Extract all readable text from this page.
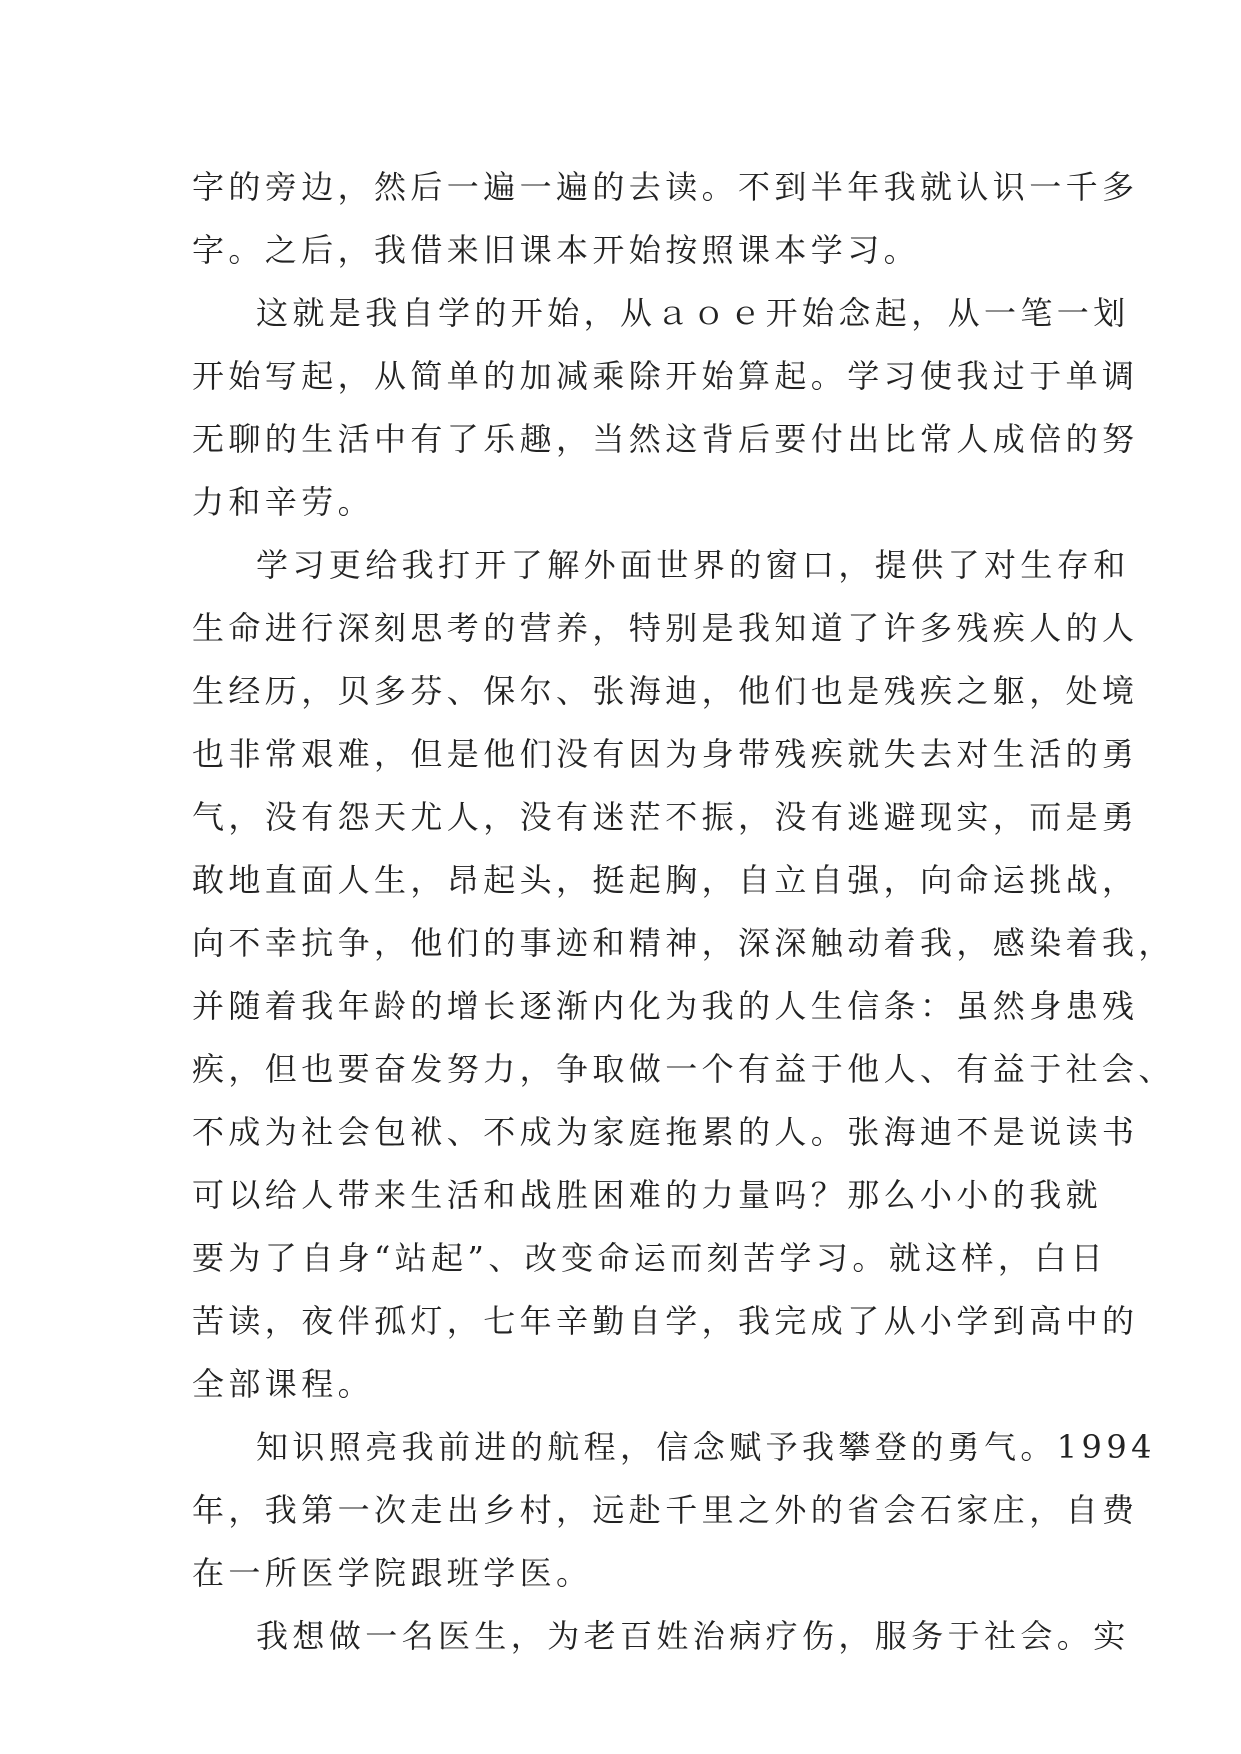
字的旁边，然后一遍一遍的去读。不到半年我就认识一千多
字。之后，我借来旧课本开始按照课本学习。
这就是我自学的开始，从ａｏｅ开始念起，从一笔一划
开始写起，从简单的加减乘除开始算起。学习使我过于单调
无聊的生活中有了乐趣，当然这背后要付出比常人成倍的努
力和辛劳。
学习更给我打开了解外面世界的窗口，提供了对生存和
生命进行深刻思考的营养，特别是我知道了许多残疾人的人
生经历，贝多芬、保尔、张海迪，他们也是残疾之躯，处境
也非常艰难，但是他们没有因为身带残疾就失去对生活的勇
气，没有怨天尤人，没有迷茫不振，没有逃避现实，而是勇
敢地直面人生，昂起头，挺起胸，自立自强，向命运挑战，
向不幸抗争，他们的事迹和精神，深深触动着我，感染着我，
并随着我年龄的增长逐渐内化为我的人生信条：虽然身患残
疾，但也要奋发努力，争取做一个有益于他人、有益于社会、
不成为社会包袱、不成为家庭拖累的人。张海迪不是说读书
可以给人带来生活和战胜困难的力量吗？那么小小的我就
要为了自身“站起”、改变命运而刻苦学习。就这样，白日
苦读，夜伴孤灯，七年辛勤自学，我完成了从小学到高中的
全部课程。
知识照亮我前进的航程，信念赋予我攀登的勇气。1994
年，我第一次走出乡村，远赴千里之外的省会石家庄，自费
在一所医学院跟班学医。
我想做一名医生，为老百姓治病疗伤，服务于社会。实
